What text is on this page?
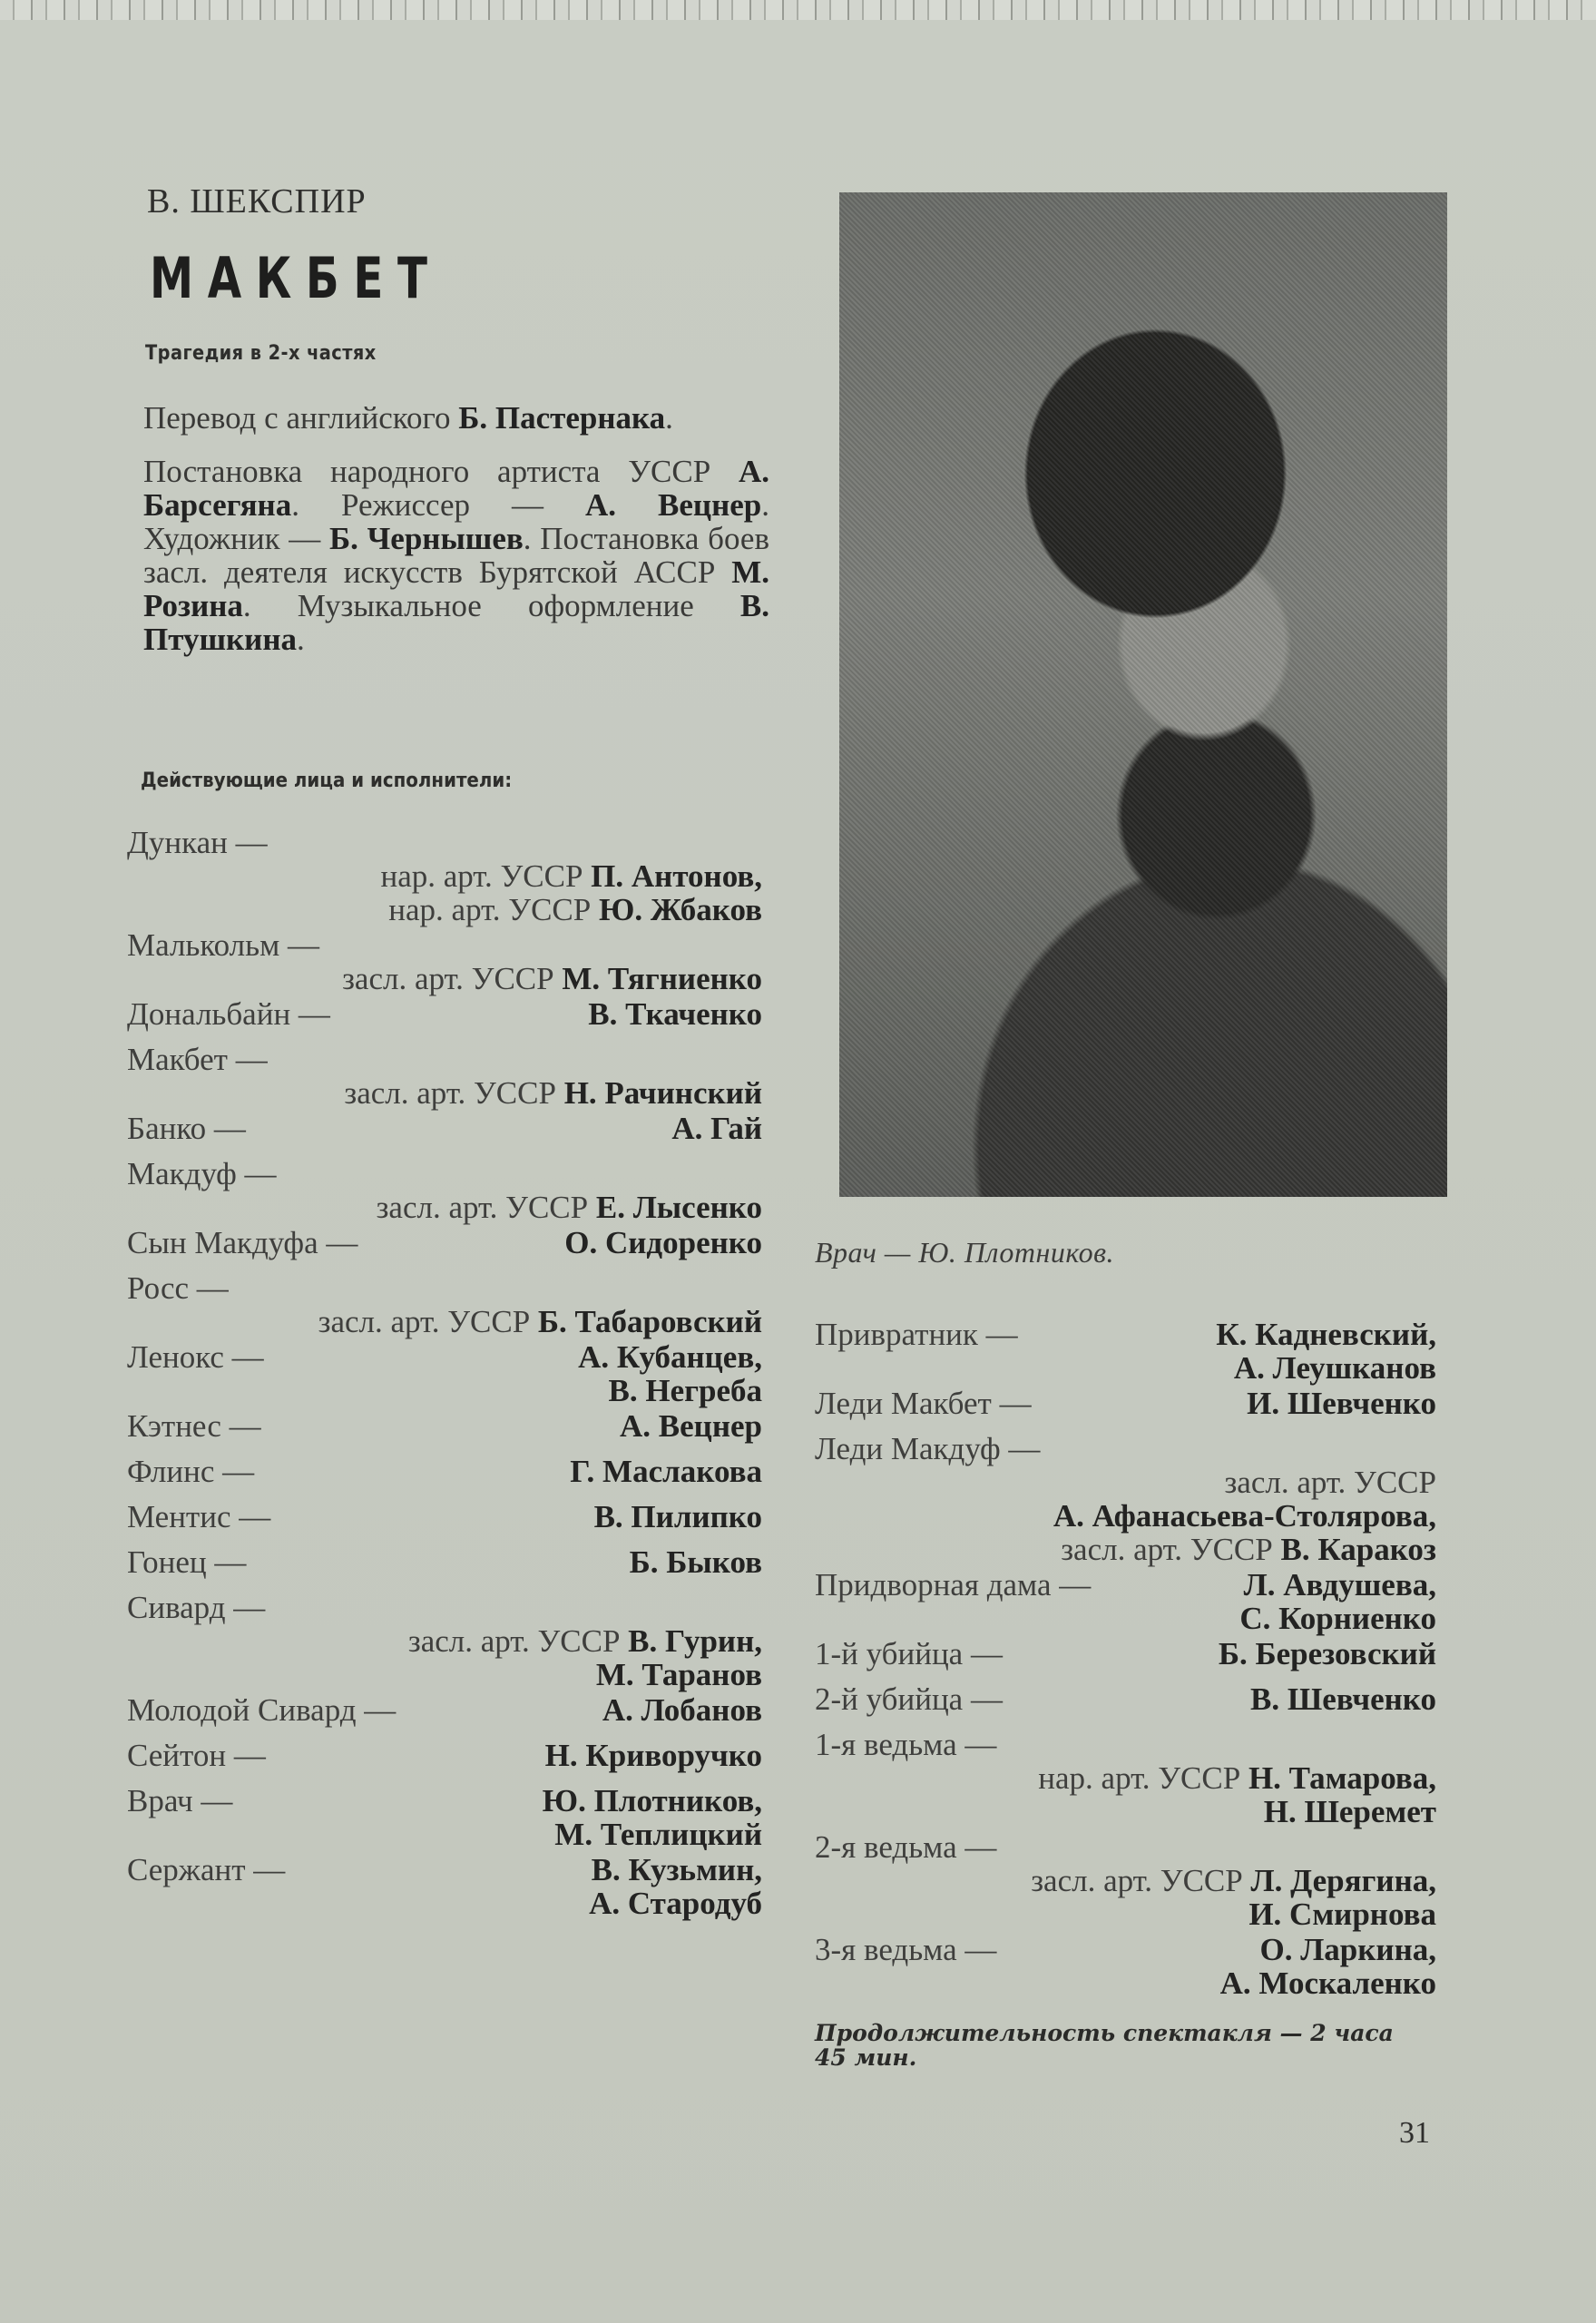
В. ШЕКСПИР
МАКБЕТ
Трагедия в 2-х частях

Перевод с английского Б. Пастернака.

Постановка народного артиста УССР А. Барсегяна. Режиссер — А. Вецнер. Художник — Б. Чернышев. Постановка боев засл. деятеля искусств Бурятской АССР М. Розина. Музыкальное оформление В. Птушкина.

Действующие лица и исполнители:
Дункан —
нар. арт. УССР П. Антонов,
нар. арт. УССР Ю. Жбаков
Малькольм —
засл. арт. УССР М. Тягниенко
Дональбайн —	В. Ткаченко
Макбет —
засл. арт. УССР Н. Рачинский
Банко —	А. Гай
Макдуф —
засл. арт. УССР Е. Лысенко
Сын Макдуфа —	О. Сидоренко
Росс —
засл. арт. УССР Б. Табаровский
Ленокс —	А. Кубанцев,
В. Негреба
Кэтнес —	А. Вецнер
Флинс —	Г. Маслакова
Ментис —	В. Пилипко
Гонец —	Б. Быков
Сивард —
засл. арт. УССР В. Гурин,
М. Таранов
Молодой Сивард —	А. Лобанов
Сейтон —	Н. Криворучко
Врач —	Ю. Плотников,
М. Теплицкий
Сержант —	В. Кузьмин,
А. Стародуб
Врач — Ю. Плотников.
Привратник —	К. Кадневский,
А. Леушканов
Леди Макбет —	И. Шевченко
Леди Макдуф —
засл. арт. УССР
А. Афанасьева-Столярова,
засл. арт. УССР В. Каракоз
Придворная дама —	Л. Авдушева,
С. Корниенко
1-й убийца —	Б. Березовский
2-й убийца —	В. Шевченко
1-я ведьма —
нар. арт. УССР Н. Тамарова,
Н. Шеремет
2-я ведьма —
засл. арт. УССР Л. Дерягина,
И. Смирнова
3-я ведьма —	О. Ларкина,
А. Москаленко
Продолжительность спектакля — 2 часа 45 мин.
31
